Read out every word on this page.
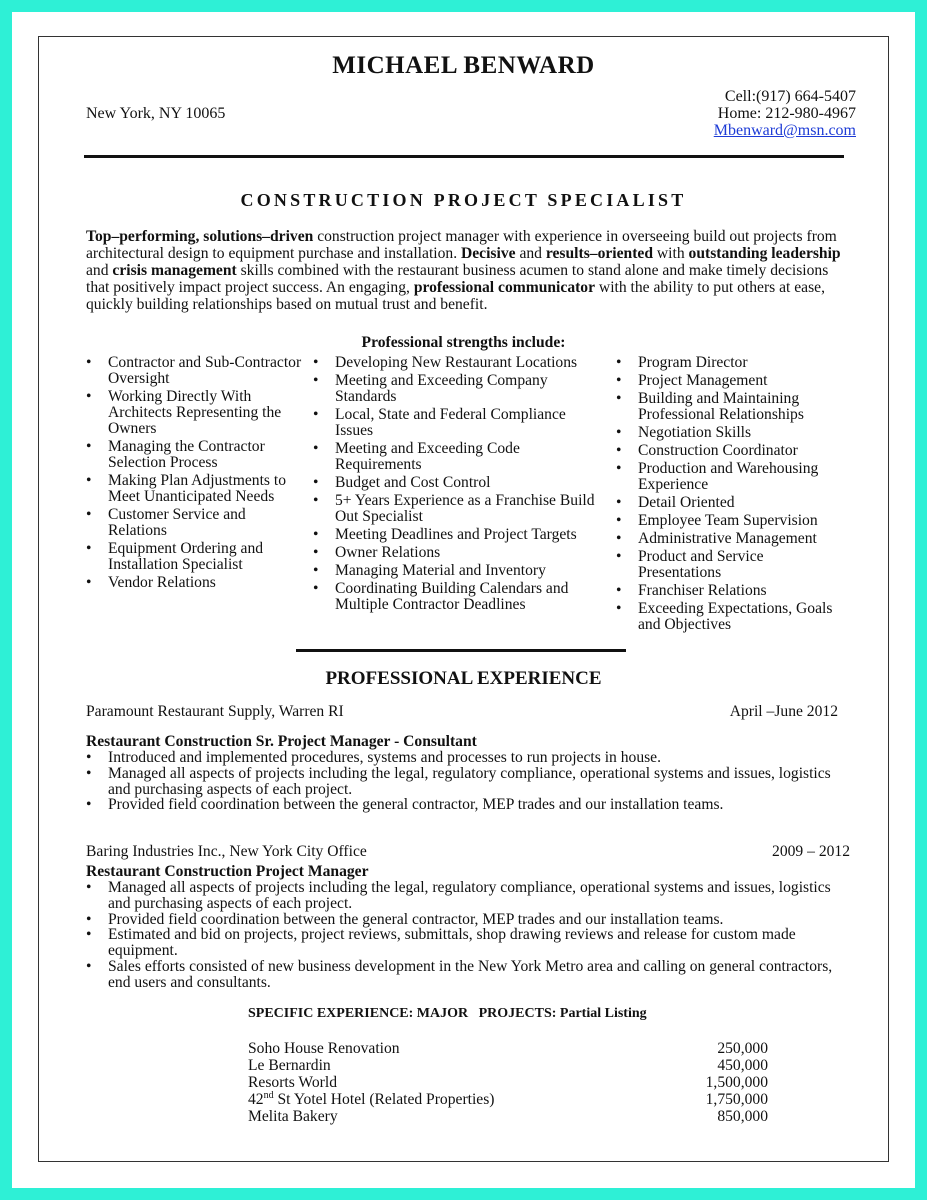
MICHAEL BENWARD
New York, NY 10065
Cell:(917) 664-5407
Home: 212-980-4967
Mbenward@msn.com
CONSTRUCTION PROJECT SPECIALIST
Top–performing, solutions–driven construction project manager with experience in overseeing build out projects from architectural design to equipment purchase and installation. Decisive and results–oriented with outstanding leadership and crisis management skills combined with the restaurant business acumen to stand alone and make timely decisions that positively impact project success. An engaging, professional communicator with the ability to put others at ease, quickly building relationships based on mutual trust and benefit.
Professional strengths include:
• Contractor and Sub-Contractor Oversight
• Working Directly With Architects Representing the Owners
• Managing the Contractor Selection Process
• Making Plan Adjustments to Meet Unanticipated Needs
• Customer Service and Relations
• Equipment Ordering and Installation Specialist
• Vendor Relations
• Developing New Restaurant Locations
• Meeting and Exceeding Company Standards
• Local, State and Federal Compliance Issues
• Meeting and Exceeding Code Requirements
• Budget and Cost Control
• 5+ Years Experience as a Franchise Build Out Specialist
• Meeting Deadlines and Project Targets
• Owner Relations
• Managing Material and Inventory
• Coordinating Building Calendars and Multiple Contractor Deadlines
• Program Director
• Project Management
• Building and Maintaining Professional Relationships
• Negotiation Skills
• Construction Coordinator
• Production and Warehousing Experience
• Detail Oriented
• Employee Team Supervision
• Administrative Management
• Product and Service Presentations
• Franchiser Relations
• Exceeding Expectations, Goals and Objectives
PROFESSIONAL EXPERIENCE
Paramount Restaurant Supply, Warren RI	April –June 2012
Restaurant Construction Sr. Project Manager - Consultant
• Introduced and implemented procedures, systems and processes to run projects in house.
• Managed all aspects of projects including the legal, regulatory compliance, operational systems and issues, logistics and purchasing aspects of each project.
• Provided field coordination between the general contractor, MEP trades and our installation teams.
Baring Industries Inc., New York City Office	2009 – 2012
Restaurant Construction Project Manager
• Managed all aspects of projects including the legal, regulatory compliance, operational systems and issues, logistics and purchasing aspects of each project.
• Provided field coordination between the general contractor, MEP trades and our installation teams.
• Estimated and bid on projects, project reviews, submittals, shop drawing reviews and release for custom made equipment.
• Sales efforts consisted of new business development in the New York Metro area and calling on general contractors, end users and consultants.
SPECIFIC EXPERIENCE: MAJOR   PROJECTS: Partial Listing
Soho House Renovation	250,000
Le Bernardin	450,000
Resorts World	1,500,000
42nd St Yotel Hotel (Related Properties)	1,750,000
Melita Bakery	850,000
